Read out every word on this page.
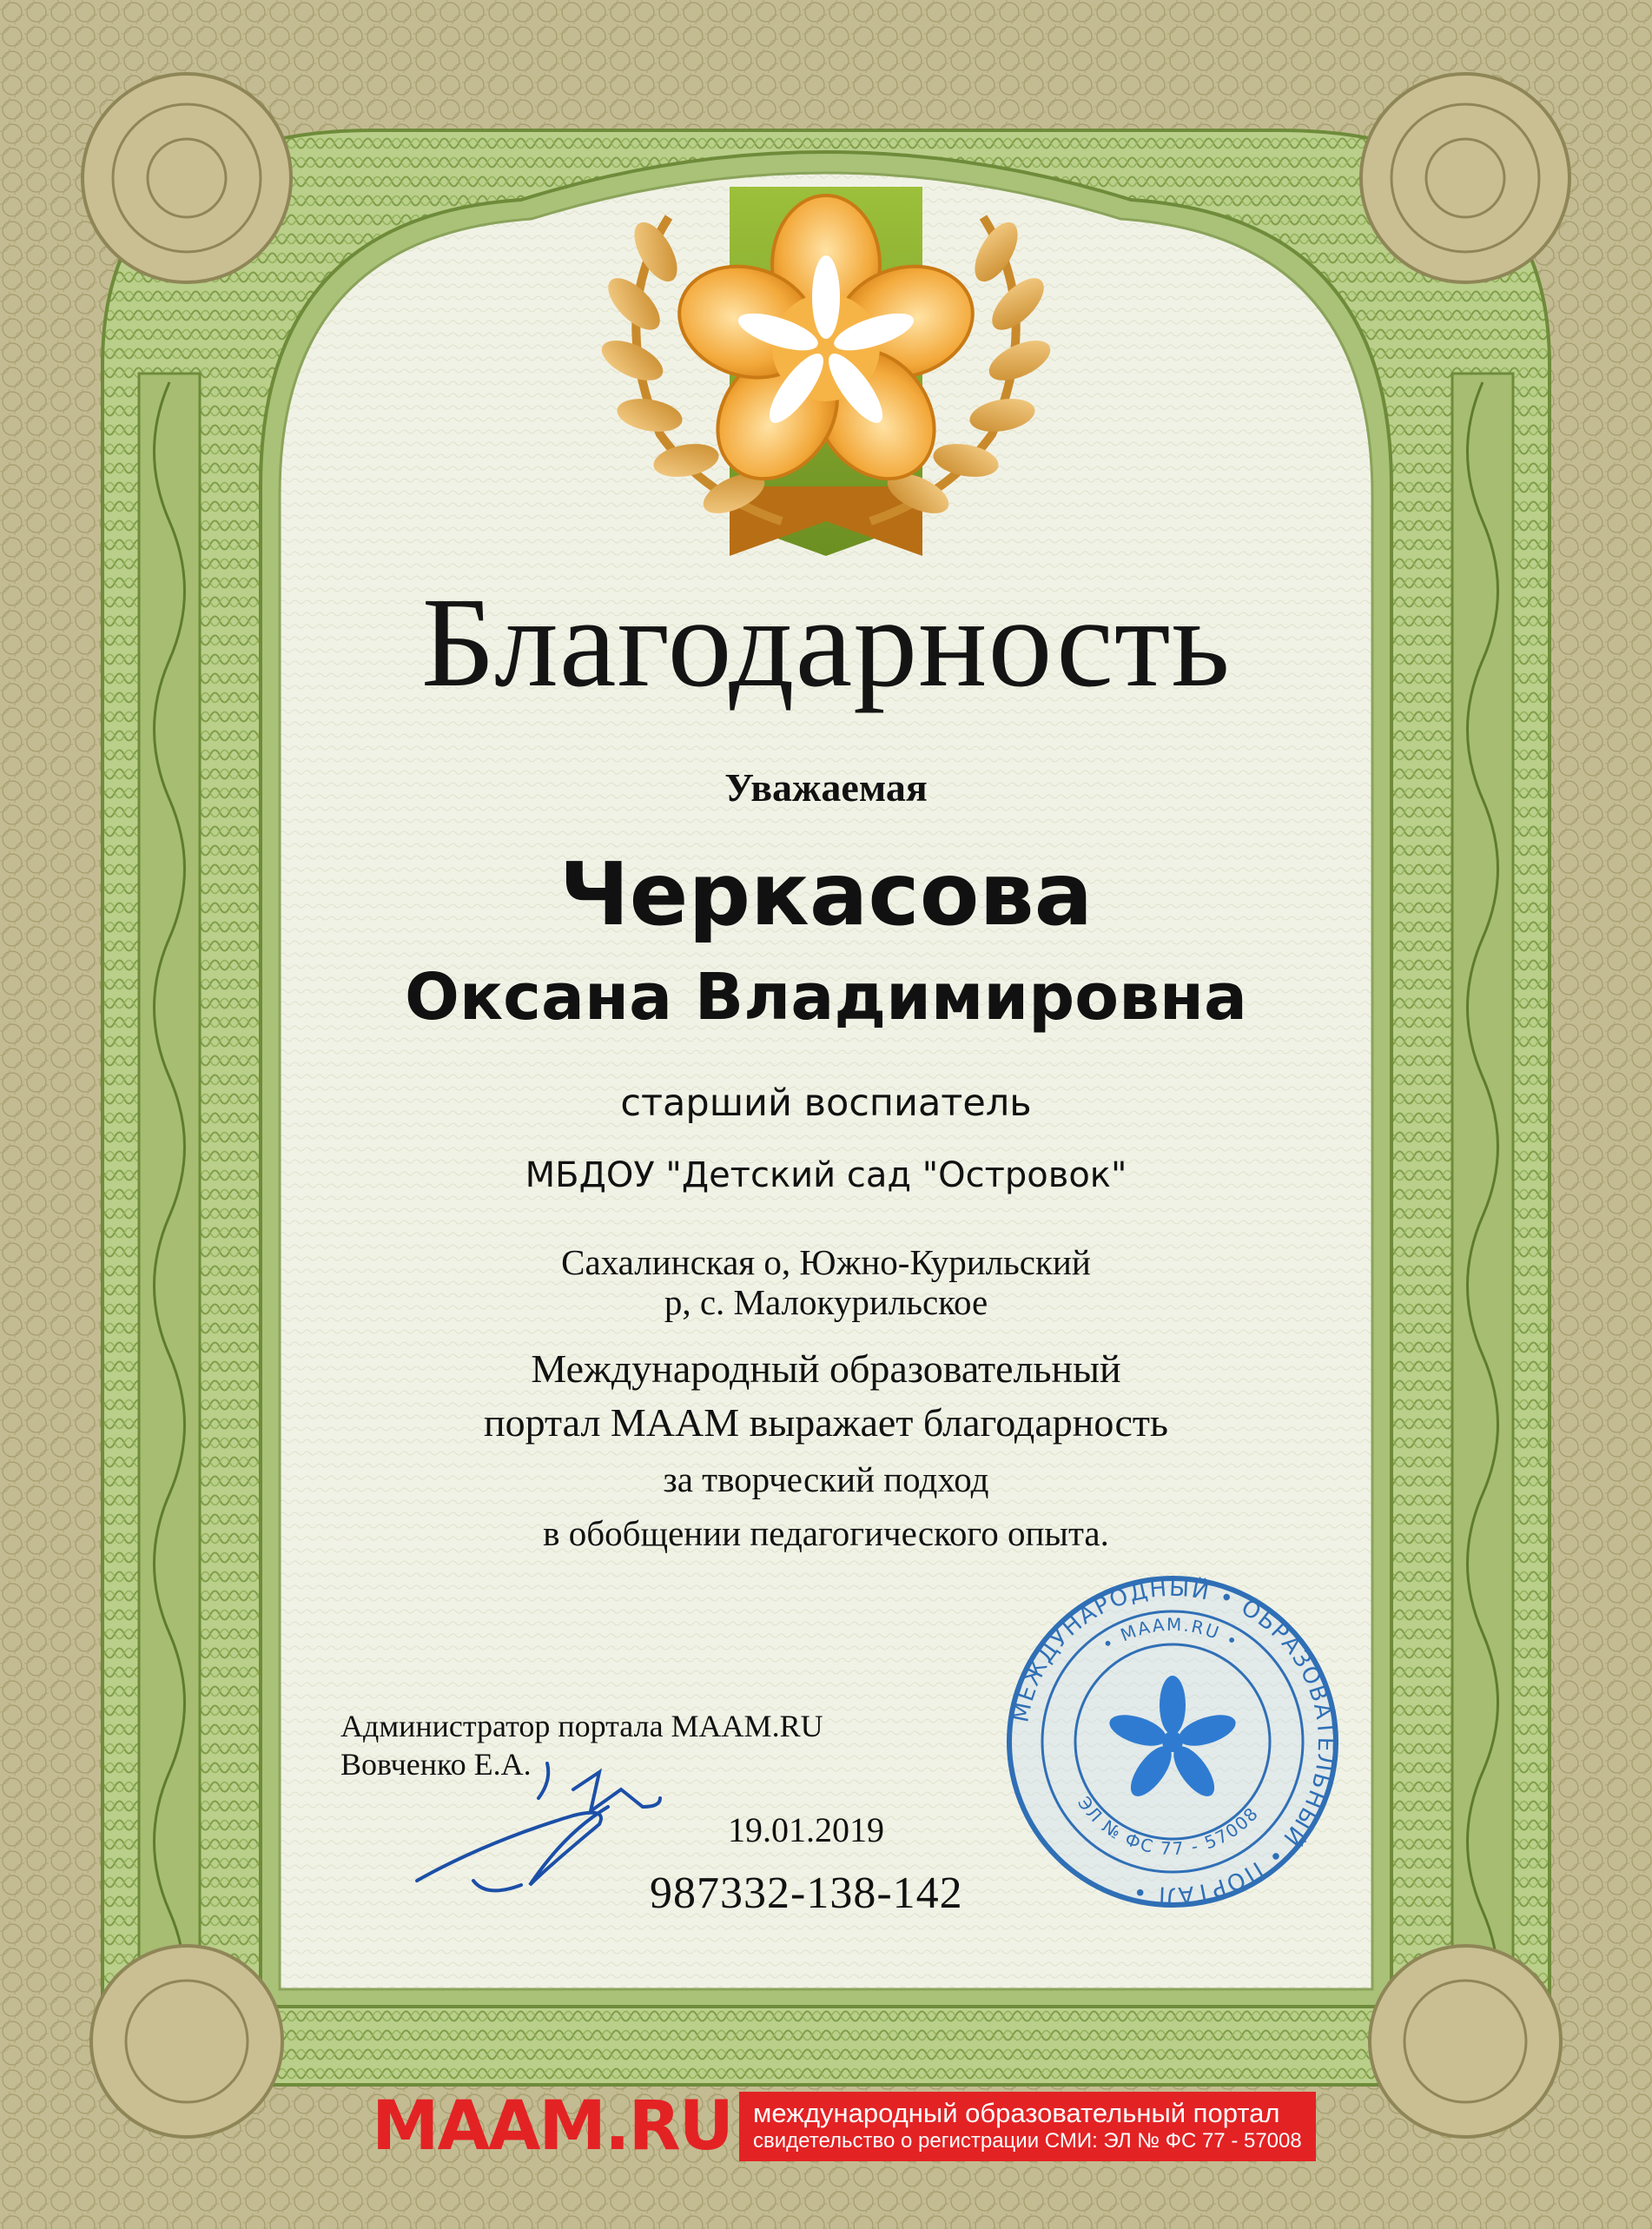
МЕЖДУНАРОДНЫЙ • ОБРАЗОВАТЕЛЬНЫЙ • ПОРТАЛ •
• MAAM.RU •
ЭЛ № ФС 77 - 57008
Благодарность
Уважаемая
Черкасова
Оксана Владимировна
старший воспиатель
МБДОУ "Детский сад "Островок"
Сахалинская о, Южно-Курильский
р, с. Малокурильское
Международный образовательный
портал МААМ выражает благодарность
за творческий подход
в обобщении педагогического опыта.
Администратор портала MAAM.RU
Вовченко Е.А.
19.01.2019
987332-138-142
MAAM.RU международный образовательный портал
свидетельство о регистрации СМИ: ЭЛ № ФС 77 - 57008
